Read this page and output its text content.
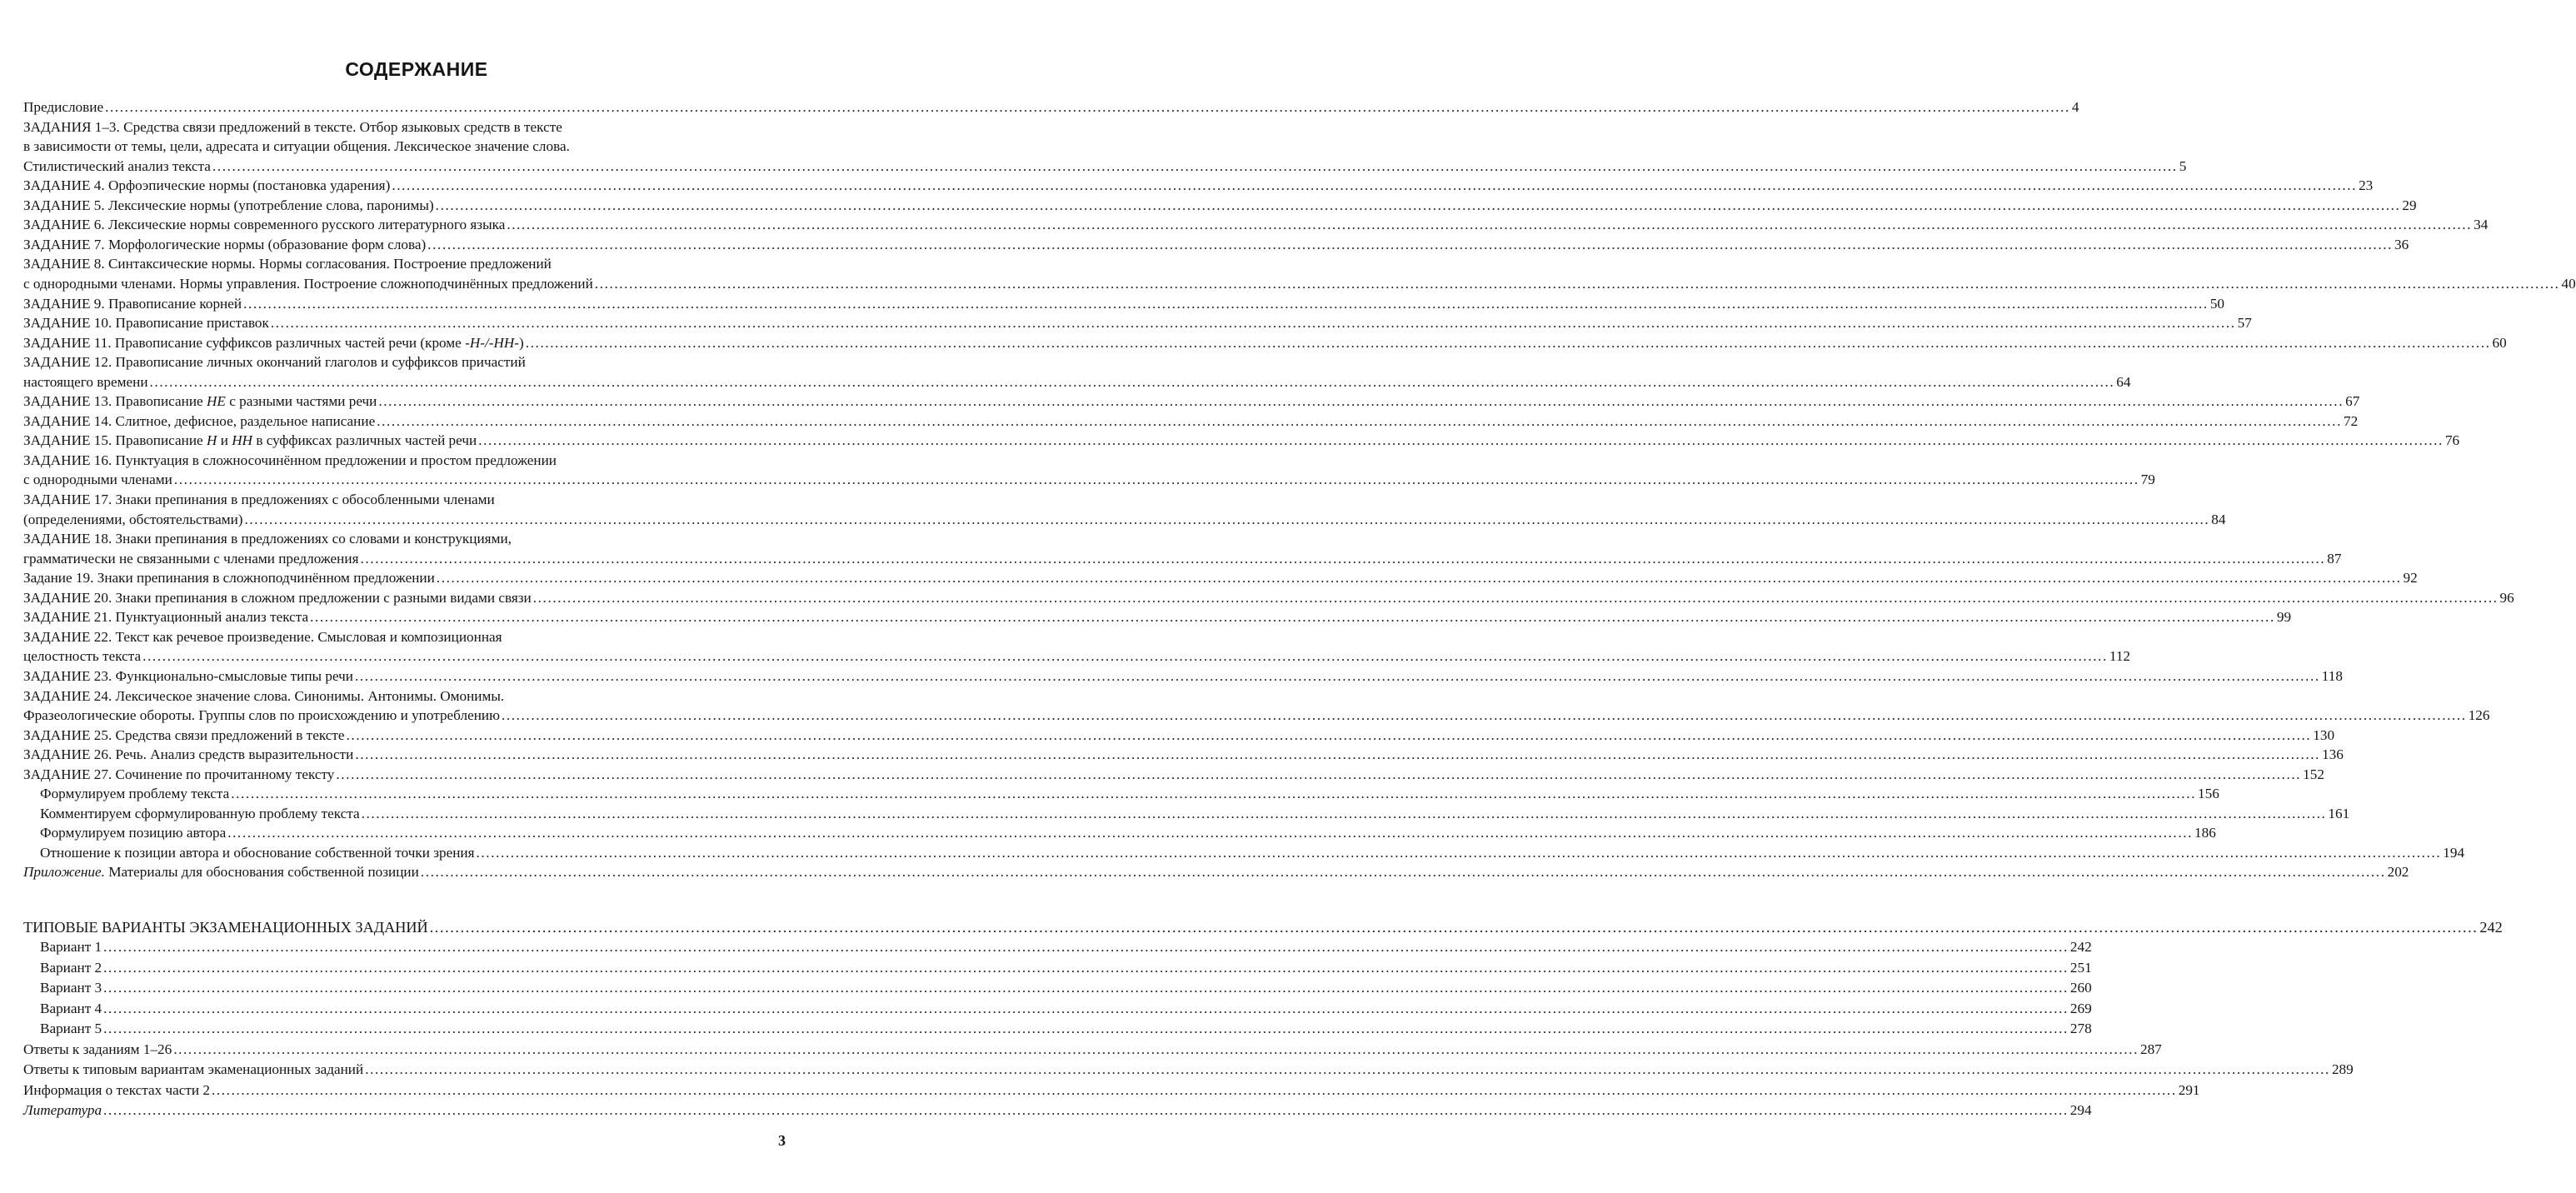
СОДЕРЖАНИЕ
Предисловие ................................................................................................................................................................................................................................................................................................................................................................................................................ 4
ЗАДАНИЯ 1–3. Средства связи предложений в тексте. Отбор языковых средств в тексте
в зависимости от темы, цели, адресата и ситуации общения. Лексическое значение слова.
Стилистический анализ текста ................................................................................................................................................................................................................................................................................................................................................................................................................ 5
ЗАДАНИЕ 4. Орфоэпические нормы (постановка ударения) ................................................................................................................................................................................................................................................................................................................................................................................................................ 23
ЗАДАНИЕ 5. Лексические нормы (употребление слова, паронимы) ................................................................................................................................................................................................................................................................................................................................................................................................................ 29
ЗАДАНИЕ 6. Лексические нормы современного русского литературного языка ................................................................................................................................................................................................................................................................................................................................................................................................................ 34
ЗАДАНИЕ 7. Морфологические нормы (образование форм слова) ................................................................................................................................................................................................................................................................................................................................................................................................................ 36
ЗАДАНИЕ 8. Синтаксические нормы. Нормы согласования. Построение предложений
с однородными членами. Нормы управления. Построение сложноподчинённых предложений ................................................................................................................................................................................................................................................................................................................................................................................................................ 40
ЗАДАНИЕ 9. Правописание корней ................................................................................................................................................................................................................................................................................................................................................................................................................ 50
ЗАДАНИЕ 10. Правописание приставок ................................................................................................................................................................................................................................................................................................................................................................................................................ 57
ЗАДАНИЕ 11. Правописание суффиксов различных частей речи (кроме -Н-/-НН-) ................................................................................................................................................................................................................................................................................................................................................................................................................ 60
ЗАДАНИЕ 12. Правописание личных окончаний глаголов и суффиксов причастий
настоящего времени ................................................................................................................................................................................................................................................................................................................................................................................................................ 64
ЗАДАНИЕ 13. Правописание НЕ с разными частями речи ................................................................................................................................................................................................................................................................................................................................................................................................................ 67
ЗАДАНИЕ 14. Слитное, дефисное, раздельное написание ................................................................................................................................................................................................................................................................................................................................................................................................................ 72
ЗАДАНИЕ 15. Правописание Н и НН в суффиксах различных частей речи ................................................................................................................................................................................................................................................................................................................................................................................................................ 76
ЗАДАНИЕ 16. Пунктуация в сложносочинённом предложении и простом предложении
с однородными членами ................................................................................................................................................................................................................................................................................................................................................................................................................ 79
ЗАДАНИЕ 17. Знаки препинания в предложениях с обособленными членами
(определениями, обстоятельствами) ................................................................................................................................................................................................................................................................................................................................................................................................................ 84
ЗАДАНИЕ 18. Знаки препинания в предложениях со словами и конструкциями,
грамматически не связанными с членами предложения ................................................................................................................................................................................................................................................................................................................................................................................................................ 87
Задание 19. Знаки препинания в сложноподчинённом предложении ................................................................................................................................................................................................................................................................................................................................................................................................................ 92
ЗАДАНИЕ 20. Знаки препинания в сложном предложении с разными видами связи ................................................................................................................................................................................................................................................................................................................................................................................................................ 96
ЗАДАНИЕ 21. Пунктуационный анализ текста ................................................................................................................................................................................................................................................................................................................................................................................................................ 99
ЗАДАНИЕ 22. Текст как речевое произведение. Смысловая и композиционная
целостность текста ................................................................................................................................................................................................................................................................................................................................................................................................................ 112
ЗАДАНИЕ 23. Функционально-смысловые типы речи ................................................................................................................................................................................................................................................................................................................................................................................................................ 118
ЗАДАНИЕ 24. Лексическое значение слова. Синонимы. Антонимы. Омонимы.
Фразеологические обороты. Группы слов по происхождению и употреблению ................................................................................................................................................................................................................................................................................................................................................................................................................ 126
ЗАДАНИЕ 25. Средства связи предложений в тексте ................................................................................................................................................................................................................................................................................................................................................................................................................ 130
ЗАДАНИЕ 26. Речь. Анализ средств выразительности ................................................................................................................................................................................................................................................................................................................................................................................................................ 136
ЗАДАНИЕ 27. Сочинение по прочитанному тексту ................................................................................................................................................................................................................................................................................................................................................................................................................ 152
Формулируем проблему текста ................................................................................................................................................................................................................................................................................................................................................................................................................ 156
Комментируем сформулированную проблему текста ................................................................................................................................................................................................................................................................................................................................................................................................................ 161
Формулируем позицию автора ................................................................................................................................................................................................................................................................................................................................................................................................................ 186
Отношение к позиции автора и обоснование собственной точки зрения ................................................................................................................................................................................................................................................................................................................................................................................................................ 194
Приложение. Материалы для обоснования собственной позиции ................................................................................................................................................................................................................................................................................................................................................................................................................ 202
ТИПОВЫЕ ВАРИАНТЫ ЭКЗАМЕНАЦИОННЫХ ЗАДАНИЙ ................................................................................................................................................................................................................................................................................................................................................................................................................ 242
Вариант 1 ................................................................................................................................................................................................................................................................................................................................................................................................................ 242
Вариант 2 ................................................................................................................................................................................................................................................................................................................................................................................................................ 251
Вариант 3 ................................................................................................................................................................................................................................................................................................................................................................................................................ 260
Вариант 4 ................................................................................................................................................................................................................................................................................................................................................................................................................ 269
Вариант 5 ................................................................................................................................................................................................................................................................................................................................................................................................................ 278
Ответы к заданиям 1–26 ................................................................................................................................................................................................................................................................................................................................................................................................................ 287
Ответы к типовым вариантам экаменационных заданий ................................................................................................................................................................................................................................................................................................................................................................................................................ 289
Информация о текстах части 2 ................................................................................................................................................................................................................................................................................................................................................................................................................ 291
Литература ................................................................................................................................................................................................................................................................................................................................................................................................................ 294
3
